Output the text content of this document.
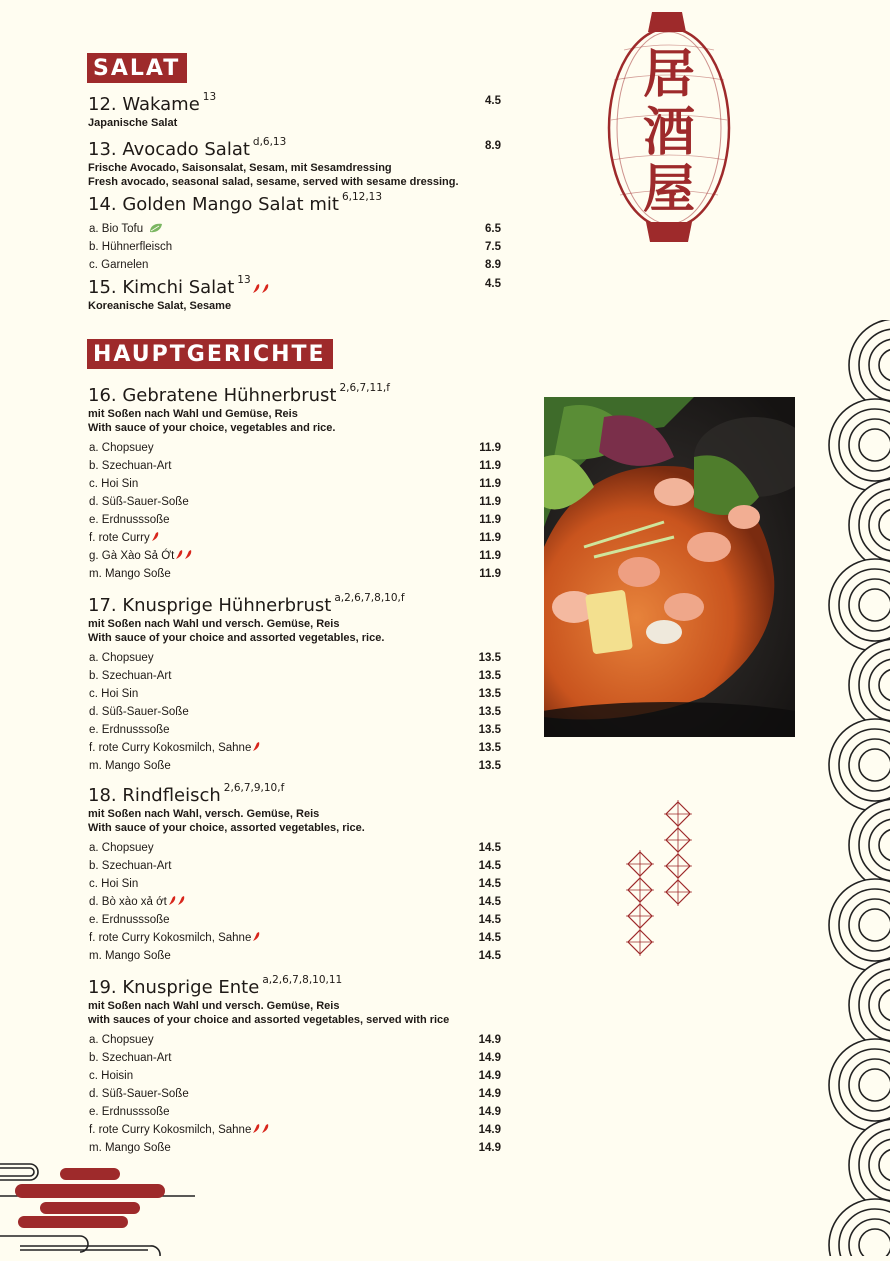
SALAT
12. Wakame $^{13}$
Japanische Salat
4.5
13. Avocado Salat $^{d,6,13}$
Frische Avocado, Saisonsalat, Sesam, mit Sesamdressing
Fresh avocado, seasonal salad, sesame, served with sesame dressing.
8.9
14. Golden Mango Salat mit $^{6,12,13}$
a. Bio Tofu	6.5
b. Hühnerfleisch	7.5
c. Garnelen	8.9
15. Kimchi Salat $^{13}$
Koreanische Salat, Sesame
4.5
HAUPTGERICHTE
16. Gebratene Hühnerbrust $^{2,6,7,11,f}$
mit Soßen nach Wahl und Gemüse, Reis
With sauce of your choice, vegetables and rice.
a. Chopsuey	11.9
b. Szechuan-Art	11.9
c. Hoi Sin	11.9
d. Süß-Sauer-Soße	11.9
e. Erdnusssoße	11.9
f. rote Curry	11.9
g. Gà Xào Sả Ớt	11.9
m. Mango Soße	11.9
17. Knusprige Hühnerbrust $^{a,2,6,7,8,10,f}$
mit Soßen nach Wahl und versch. Gemüse, Reis
With sauce of your choice and assorted vegetables, rice.
a. Chopsuey	13.5
b. Szechuan-Art	13.5
c. Hoi Sin	13.5
d. Süß-Sauer-Soße	13.5
e. Erdnusssoße	13.5
f. rote Curry Kokosmilch, Sahne	13.5
m. Mango Soße	13.5
18. Rindfleisch $^{2,6,7,9,10,f}$
mit Soßen nach Wahl, versch. Gemüse, Reis
With sauce of your choice, assorted vegetables, rice.
a. Chopsuey	14.5
b. Szechuan-Art	14.5
c. Hoi Sin	14.5
d. Bò xào xả ớt	14.5
e. Erdnusssoße	14.5
f. rote Curry Kokosmilch, Sahne	14.5
m. Mango Soße	14.5
19. Knusprige Ente $^{a,2,6,7,8,10,11}$
mit Soßen nach Wahl und versch. Gemüse, Reis
with sauces of your choice and assorted vegetables, served with rice
a. Chopsuey	14.9
b. Szechuan-Art	14.9
c. Hoisin	14.9
d. Süß-Sauer-Soße	14.9
e. Erdnusssoße	14.9
f. rote Curry Kokosmilch, Sahne	14.9
m. Mango Soße	14.9
居
酒
屋
